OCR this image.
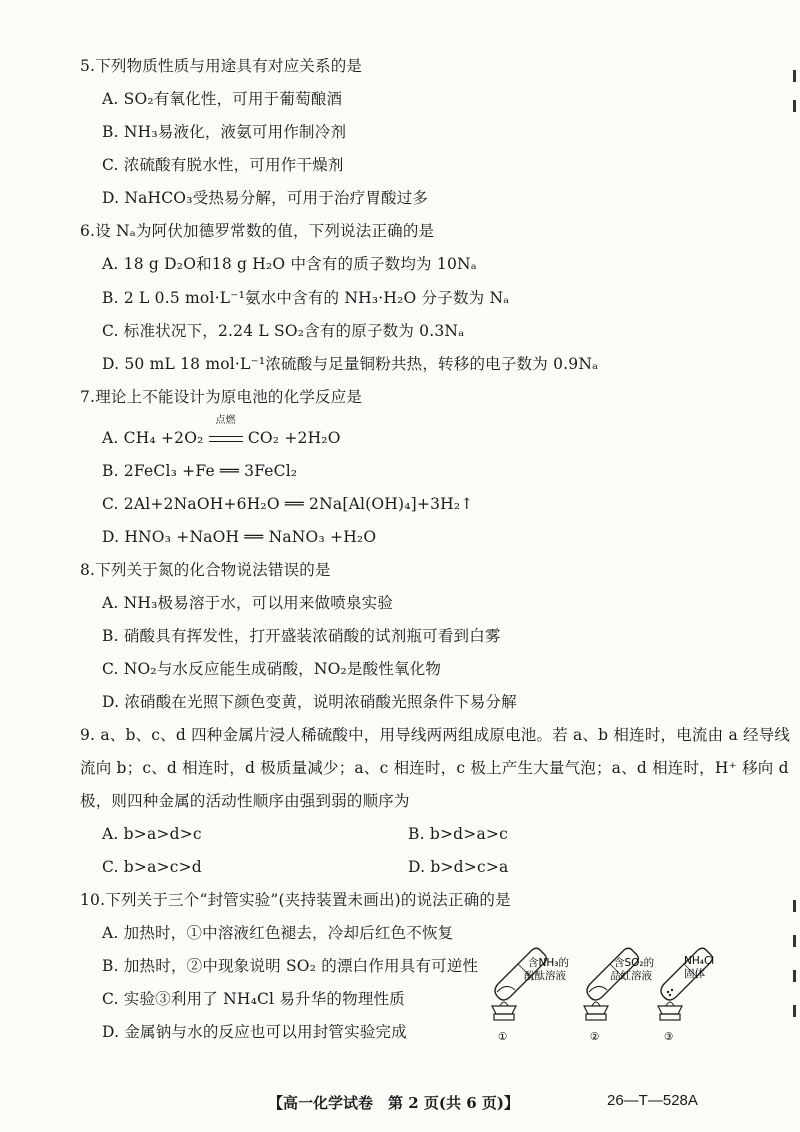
5.下列物质性质与用途具有对应关系的是
A. SO₂有氧化性，可用于葡萄酿酒
B. NH₃易液化，液氨可用作制冷剂
C. 浓硫酸有脱水性，可用作干燥剂
D. NaHCO₃受热易分解，可用于治疗胃酸过多
6.设 Nₐ为阿伏加德罗常数的值，下列说法正确的是
A. 18 g D₂O和18 g H₂O 中含有的质子数均为 10Nₐ
B. 2 L 0.5 mol·L⁻¹氨水中含有的 NH₃·H₂O 分子数为 Nₐ
C. 标准状况下，2.24 L SO₂含有的原子数为 0.3Nₐ
D. 50 mL 18 mol·L⁻¹浓硫酸与足量铜粉共热，转移的电子数为 0.9Nₐ
7.理论上不能设计为原电池的化学反应是
A. CH₄ +2O₂
点燃
CO₂ +2H₂O
B. 2FeCl₃ +Fe ══ 3FeCl₂
C. 2Al+2NaOH+6H₂O ══ 2Na[Al(OH)₄]+3H₂↑
D. HNO₃ +NaOH ══ NaNO₃ +H₂O
8.下列关于氮的化合物说法错误的是
A. NH₃极易溶于水，可以用来做喷泉实验
B. 硝酸具有挥发性，打开盛装浓硝酸的试剂瓶可看到白雾
C. NO₂与水反应能生成硝酸，NO₂是酸性氧化物
D. 浓硝酸在光照下颜色变黄，说明浓硝酸光照条件下易分解
9. a、b、c、d 四种金属片浸人稀硫酸中，用导线两两组成原电池。若 a、b 相连时，电流由 a 经导线
流向 b；c、d 相连时，d 极质量减少；a、c 相连时，c 极上产生大量气泡；a、d 相连时，H⁺ 移向 d
极，则四种金属的活动性顺序由强到弱的顺序为
A. b>a>d>c	B. b>d>a>c
C. b>a>c>d	D. b>d>c>a
10.下列关于三个“封管实验”(夹持装置未画出)的说法正确的是
A. 加热时，①中溶液红色褪去，冷却后红色不恢复
B. 加热时，②中现象说明 SO₂ 的漂白作用具有可逆性
C. 实验③利用了 NH₄Cl 易升华的物理性质
D. 金属钠与水的反应也可以用封管实验完成
含NH₃的
酚酞溶液
含SO₂的
品红溶液
NH₄Cl
固体
①	②	③
【高一化学试卷　第 2 页(共 6 页)】	26—T—528A
